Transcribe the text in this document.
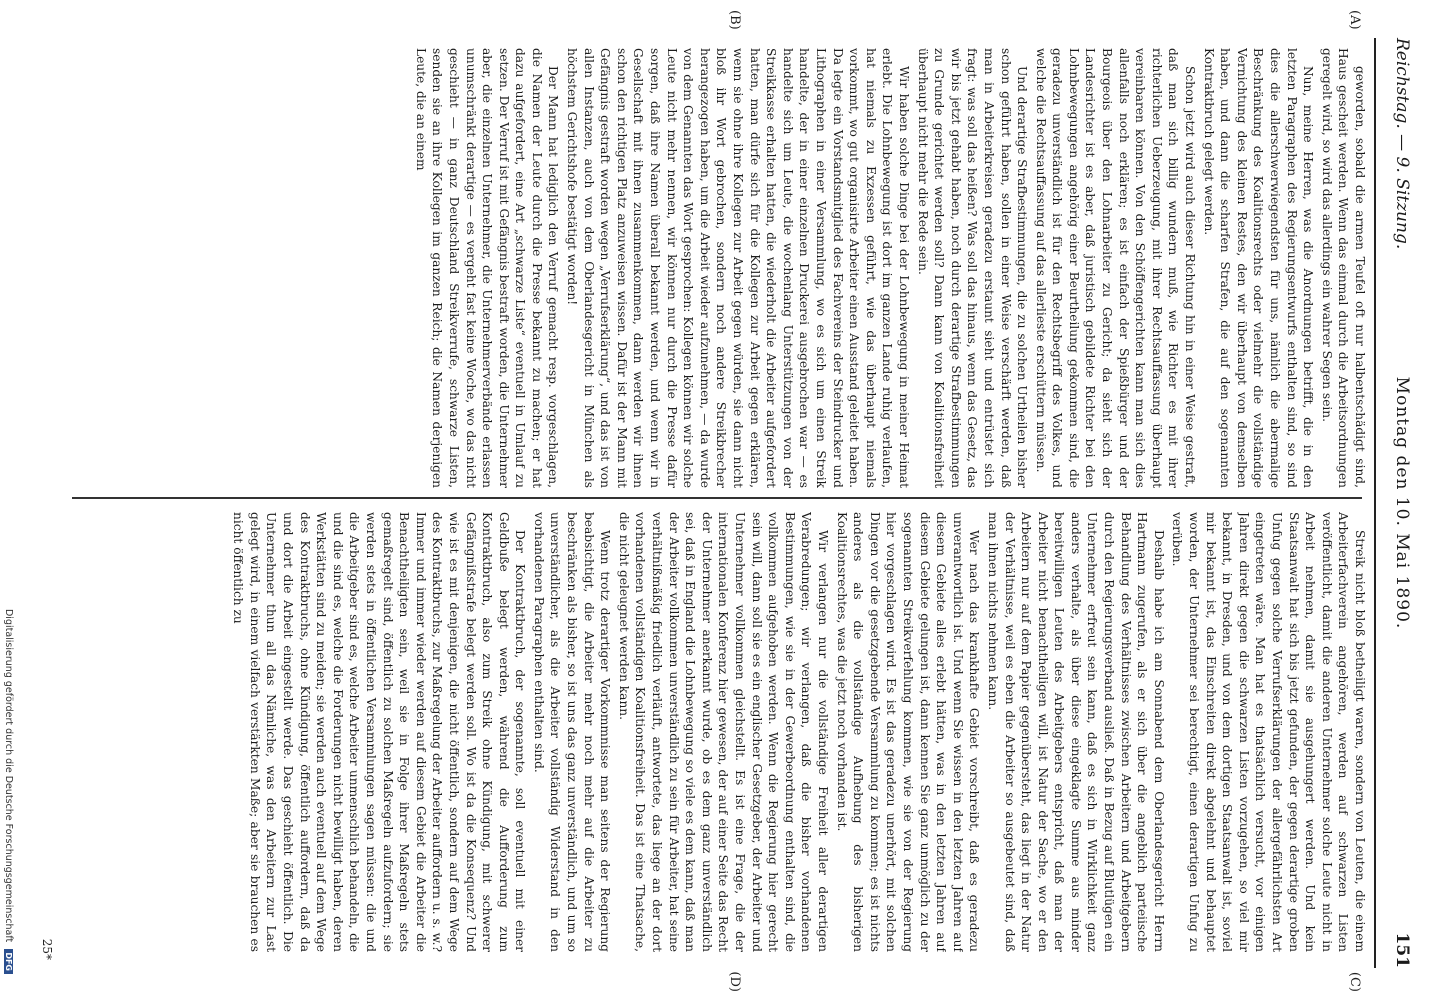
Reichstag. — 9. Sitzung.
Montag den 10. Mai 1890.
151
(A)
(B)
(C)
(D)

geworden, sobald die armen Teufel oft nur halbentschädigt sind, Haus gescheit werden. Wenn das einmal durch die Arbeitsordnungen geregelt wird, so wird das allerdings ein wahrer Segen sein.

Nun, meine Herren, was die Anordnungen betrifft, die in den letzten Paragraphen des Regierungsentwurfs enthalten sind, so sind dies die allerschwerwiegendsten für uns, nämlich die abermalige Beschränkung des Koalitionsrechts oder vielmehr die vollständige Vernichtung des kleinen Restes, den wir überhaupt von demselben haben, und dann die scharfen Strafen, die auf den sogenannten Kontraktbruch gelegt werden.

Schon jetzt wird auch dieser Richtung hin in einer Weise gestraft, daß man sich billig wundern muß, wie Richter es mit ihrer richterlichen Ueberzeugung, mit ihrer Rechtsauffassung überhaupt vereinbaren können. Von den Schöffengerichten kann man sich dies allenfalls noch erklären; es ist einfach der Spießbürger und der Bourgeois über den Lohnarbeiter zu Gericht; da sieht sich der Landesrichter ist es aber, daß juristisch gebildete Richter bei den Lohnbewegungen angehörig einer Beurtheilung gekommen sind, die geradezu unverständlich ist für den Rechtsbegriff des Volkes, und welche die Rechtsauffassung auf das allerlieste erschüttern müssen.

Und derartige Strafbestimmungen, die zu solchen Urtheilen bisher schon geführt haben, sollen in einer Weise verschärft werden, daß man in Arbeiterkreisen geradezu erstaunt sieht und entrüstet sich fragt: was soll das heißen? Was soll das hinaus, wenn das Gesetz, das wir bis jetzt gehabt haben, noch durch derartige Strafbestimmungen zu Grunde gerichtet werden soll? Dann kann von Koalitionsfreiheit überhaupt nicht mehr die Rede sein.

Wir haben solche Dinge bei der Lohnbewegung in meiner Heimat erlebt. Die Lohnbewegung ist dort im ganzen Lande ruhig verlaufen, hat niemals zu Exzessen geführt, wie das überhaupt niemals vorkommt, wo gut organisirte Arbeiter einen Ausstand geleitet haben. Da legte ein Vorstandsmitglied des Fachvereins der Steindrucker und Lithographen in einer Versammlung, wo es sich um einen Streik handelte, der in einer einzelnen Druckerei ausgebrochen war — es handelte sich um Leute, die wochenlang Unterstützungen von der Streikkasse erhalten hatten, die wiederholt die Arbeiter aufgefordert hatten, man dürfe sich für die Kollegen zur Arbeit gegen erklären, wenn sie ohne ihre Kollegen zur Arbeit gegen würden, sie dann nicht bloß ihr Wort gebrochen, sondern noch andere Streikbrecher herangezogen haben, um die Arbeit wieder aufzunehmen, — da wurde von dem Genannten das Wort gesprochen: Kollegen können wir solche Leute nicht mehr nennen, wir können nur durch die Presse dafür sorgen, daß ihre Namen überall bekannt werden, und wenn wir in Gesellschaft mit ihnen zusammenkommen, dann werden wir ihnen schon den richtigen Platz anzuweisen wissen. Dafür ist der Mann mit Gefängnis gestraft worden wegen „Verrufserklärung“, und das ist von allen Instanzen, auch von dem Oberlandesgericht in München als höchstem Gerichtshofe bestätigt worden!

Der Mann hat lediglich den Verruf gemacht resp. vorgeschlagen, die Namen der Leute durch die Presse bekannt zu machen; er hat dazu aufgefordert, eine Art „schwarze Liste“ eventuell in Umlauf zu setzen. Der Verruf ist mit Gefängnis bestraft worden, die Unternehmer aber, die einzelnen Unternehmer, die Unternehmerverbände erlassen unumschränkt derartige — es vergeht fast keine Woche, wo das nicht geschieht — in ganz Deutschland Streikverrufe, schwarze Listen, senden sie an ihre Kollegen im ganzen Reich; die Namen derjenigen Leute, die an einem

Streik nicht bloß betheiligt waren, sondern von Leuten, die einem Arbeiterfachverein angehören, werden auf schwarzen Listen veröffentlicht, damit die anderen Unternehmer solche Leute nicht in Arbeit nehmen, damit sie ausgehungert werden. Und kein Staatsanwalt hat sich bis jetzt gefunden, der gegen derartige groben Unfug gegen solche Verrufserklärungen der allergefährlichsten Art eingetreten wäre. Man hat es thatsächlich versucht, vor einigen Jahren direkt gegen die schwarzen Listen vorzugehen, so viel mir bekannt, in Dresden, und von dem dortigen Staatsanwalt ist, soviel mir bekannt ist, das Einschreiten direkt abgelehnt und behauptet worden, der Unternehmer sei berechtigt, einen derartigen Unfug zu verüben.

Deshalb habe ich am Sonnabend dem Oberlandesgericht Herrn Hartmann zugerufen, als er sich über die angeblich parteiische Behandlung des Verhältnisses zwischen Arbeitern und Arbeitgebern durch den Regierungsverband ausließ. Daß in Bezug auf Blutlügen ein Unternehmer erfreut sein kann, daß es sich in Wirklichkeit ganz anders verhalte, als über diese eingeklagte Summe aus minder bereitwilligen Leuten des Arbeitgebers entspricht, daß man der Arbeiter nicht benachtheiligen will, ist Natur der Sache, wo er den Arbeitern nur auf dem Papier gegenübersteht, das liegt in der Natur der Verhältnisse, weil es eben die Arbeiter so ausgebeutet sind, daß man ihnen nichts nehmen kann.

Wer nach das krankhafte Gebiet vorschreibt, daß es geradezu unverantwortlich ist. Und wenn Sie wissen in den letzten Jahren auf diesem Gebiete alles erlebt hätten, was in den letzten Jahren auf diesem Gebiete gelungen ist, dann kennen Sie ganz unmöglich zu der sogenannten Streikverfehlung kommen, wie sie von der Regierung hier vorgeschlagen wird. Es ist das geradezu unerhört, mit solchen Dingen vor die gesetzgebende Versammlung zu kommen; es ist nichts anderes als die vollständige Aufhebung des bisherigen Koalitionsrechtes, was die jetzt noch vorhanden ist.

Wir verlangen nur die vollständige Freiheit aller derartigen Verabredungen; wir verlangen, daß die bisher vorhandenen Bestimmungen, wie sie in der Gewerbeordnung enthalten sind, die vollkommen aufgehoben werden. Wenn die Regierung hier gerecht sein will, dann soll sie es ein englischer Gesetzgeber, der Arbeiter und Unternehmer vollkommen gleichstellt. Es ist eine Frage, die der internationalen Konferenz hier gewesen, der auf einer Seite das Recht der Unternehmer anerkannt wurde, ob es dem ganz unverständlich sei, daß in England die Lohnbewegung so viele es dem kann, daß man der Arbeiter vollkommen unverständlich zu sein für Arbeiter, hat seine verhältnißmäßig friedlich verläuft, antwortete, das liege an der dort vorhandenen vollständigen Koalitionsfreiheit. Das ist eine Thatsache, die nicht geleugnet werden kann.

Wenn trotz derartiger Vorkommnisse man seitens der Regierung beabsichtigt, die Arbeiter mehr noch mehr auf die Arbeiter zu beschränken als bisher, so ist uns das ganz unverständlich, und um so unverständlicher, als die Arbeiter vollständig Widerstand in den vorhandenen Paragraphen enthalten sind.

Der Kontraktbruch, der sogenannte, soll eventuell mit einer Geldbuße belegt werden, während die Aufforderung zum Kontraktbruch, also zum Streik ohne Kündigung, mit schwerer Gefängnißstrafe belegt werden soll. Wo ist da die Konsequenz? Und wie ist es mit denjenigen, die nicht öffentlich, sondern auf dem Wege des Kontraktbruchs, zur Maßregelung der Arbeiter auffordern u. s. w.? Immer und immer wieder werden auf diesem Gebiet die Arbeiter die Benachtheiligten sein, weil sie in Folge ihrer Maßregeln stets gemaßregelt sind, öffentlich zu solchen Maßregeln aufzufordern; sie werden stets in öffentlichen Versammlungen sagen müssen: die und die Arbeitgeber sind es, welche Arbeiter unmenschlich behandeln, die und die sind es, welche die Forderungen nicht bewilligt haben, deren Werkstätten sind zu meiden; sie werden auch eventuell auf dem Wege des Kontraktbruchs, ohne Kündigung, öffentlich auffordern, daß da und dort die Arbeit eingestellt werde. Das geschieht öffentlich. Die Unternehmer thun all das Nämliche, was den Arbeitern zur Last gelegt wird, in einem vielfach verstärkten Maße; aber sie brauchen es nicht öffentlich zu

25*
Digitalisierung gefördert durch die Deutsche Forschungsgemeinschaft DFG
